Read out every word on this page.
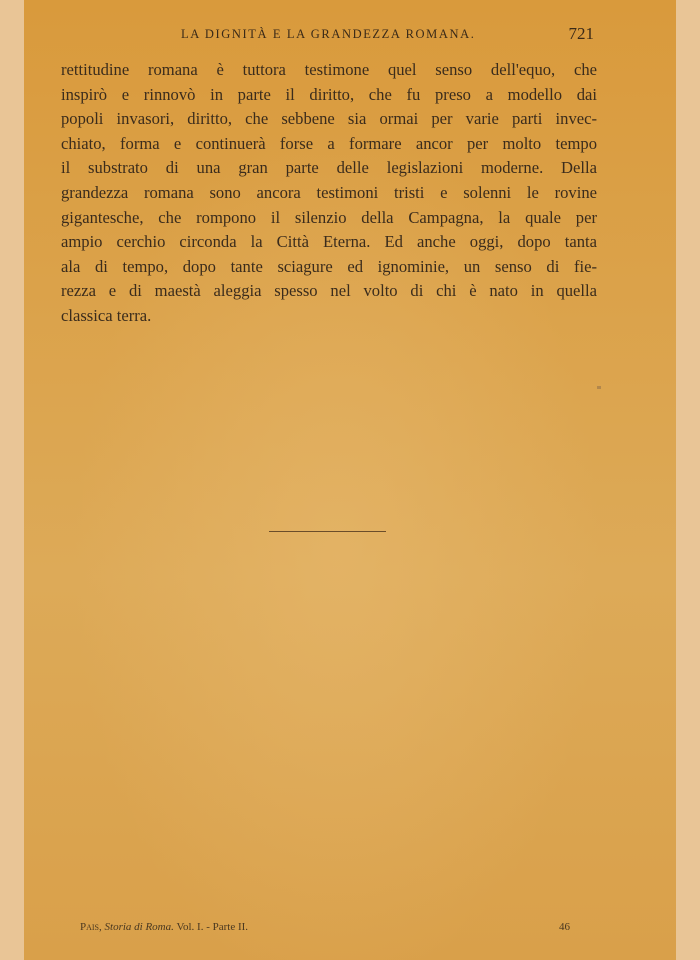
LA DIGNITÀ E LA GRANDEZZA ROMANA.	721
rettitudine romana è tuttora testimone quel senso dell'equo, che
inspirò e rinnovò in parte il diritto, che fu preso a modello dai
popoli invasori, diritto, che sebbene sia ormai per varie parti invec-
chiato, forma e continuerà forse a formare ancor per molto tempo
il substrato di una gran parte delle legislazioni moderne. Della
grandezza romana sono ancora testimoni tristi e solenni le rovine
gigantesche, che rompono il silenzio della Campagna, la quale per
ampio cerchio circonda la Città Eterna. Ed anche oggi, dopo tanta
ala di tempo, dopo tante sciagure ed ignominie, un senso di fie-
rezza e di maestà aleggia spesso nel volto di chi è nato in quella
classica terra.
Pais, Storia di Roma. Vol. I. - Parte II.	46
